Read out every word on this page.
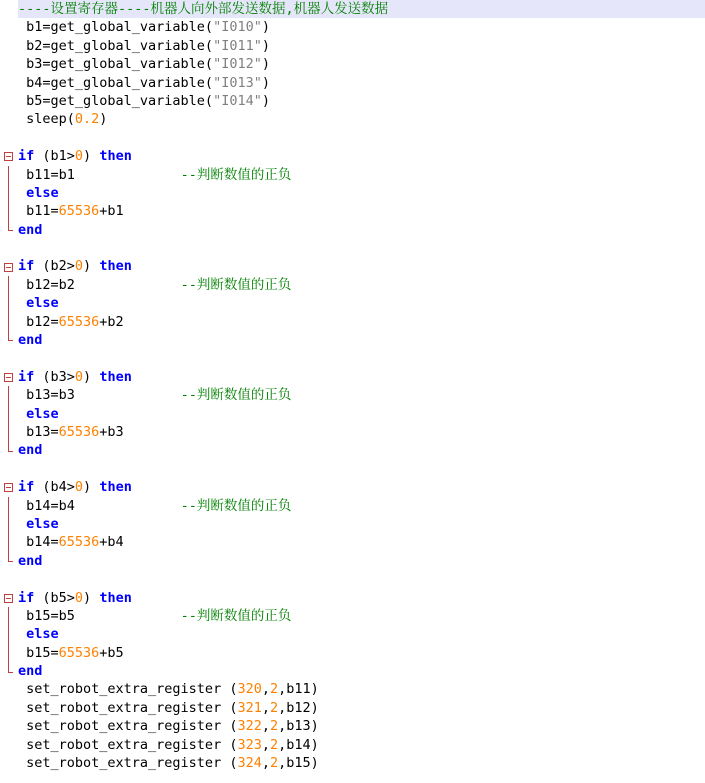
----设置寄存器----机器人向外部发送数据,机器人发送数据
b1=get_global_variable("I010")
b2=get_global_variable("I011")
b3=get_global_variable("I012")
b4=get_global_variable("I013")
b5=get_global_variable("I014")
sleep(0.2)

if (b1>0) then
b11=b1             --判断数值的正负
else
b11=65536+b1
end

if (b2>0) then
b12=b2             --判断数值的正负
else
b12=65536+b2
end

if (b3>0) then
b13=b3             --判断数值的正负
else
b13=65536+b3
end

if (b4>0) then
b14=b4             --判断数值的正负
else
b14=65536+b4
end

if (b5>0) then
b15=b5             --判断数值的正负
else
b15=65536+b5
end
set_robot_extra_register (320,2,b11)
set_robot_extra_register (321,2,b12)
set_robot_extra_register (322,2,b13)
set_robot_extra_register (323,2,b14)
set_robot_extra_register (324,2,b15)
